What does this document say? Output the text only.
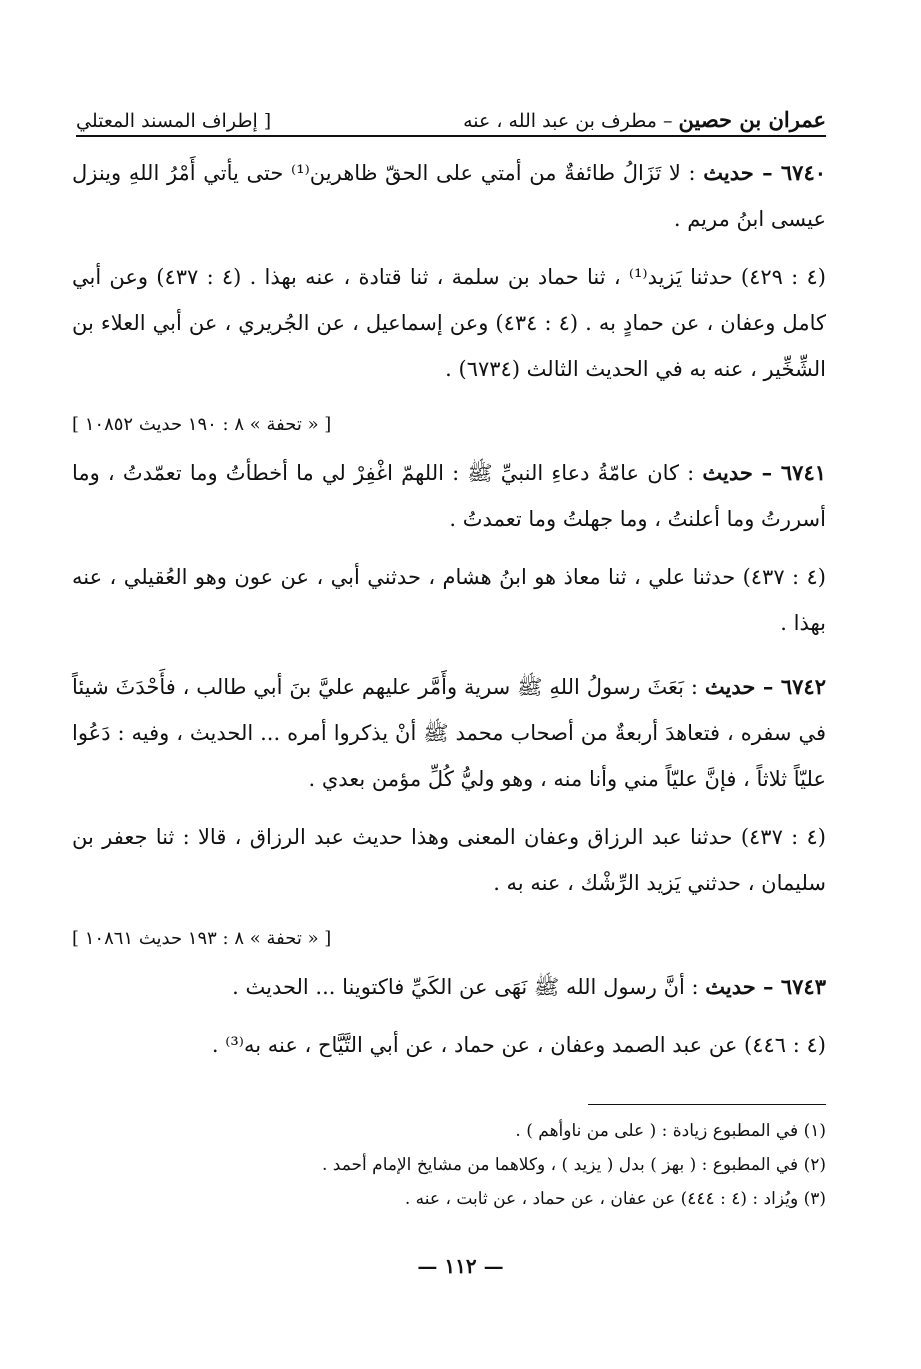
عمران بن حصين – مطرف بن عبد الله ، عنه
[ إطراف المسند المعتلي

٦٧٤٠ – حديث : لا تَزَالُ طائفةٌ من أمتي على الحقّ ظاهرين⁽¹⁾ حتى يأتي أَمْرُ اللهِ وينزل عيسى ابنُ مريم .

(٤ : ٤٢٩) حدثنا يَزيد⁽¹⁾ ، ثنا حماد بن سلمة ، ثنا قتادة ، عنه بهذا . (٤ : ٤٣٧) وعن أبي كامل وعفان ، عن حمادٍ به . (٤ : ٤٣٤) وعن إسماعيل ، عن الجُريري ، عن أبي العلاء بن الشِّخِّير ، عنه به في الحديث الثالث (٦٧٣٤) .

[ « تحفة » ٨ : ١٩٠ حديث ١٠٨٥٢ ]

٦٧٤١ – حديث : كان عامّةُ دعاءِ النبيِّ ﷺ : اللهمّ اغْفِرْ لي ما أخطأتُ وما تعمّدتُ ، وما أسررتُ وما أعلنتُ ، وما جهلتُ وما تعمدتُ .

(٤ : ٤٣٧) حدثنا علي ، ثنا معاذ هو ابنُ هشام ، حدثني أبي ، عن عون وهو العُقيلي ، عنه بهذا .

٦٧٤٢ – حديث : بَعَثَ رسولُ اللهِ ﷺ سرية وأَمَّر عليهم عليَّ بنَ أبي طالب ، فأَحْدَثَ شيئاً في سفره ، فتعاهدَ أربعةٌ من أصحاب محمد ﷺ أنْ يذكروا أمره ... الحديث ، وفيه : دَعُوا عليّاً ثلاثاً ، فإنَّ عليّاً مني وأنا منه ، وهو وليُّ كُلِّ مؤمن بعدي .

(٤ : ٤٣٧) حدثنا عبد الرزاق وعفان المعنى وهذا حديث عبد الرزاق ، قالا : ثنا جعفر بن سليمان ، حدثني يَزيد الرِّشْك ، عنه به .

[ « تحفة » ٨ : ١٩٣ حديث ١٠٨٦١ ]

٦٧٤٣ – حديث : أنَّ رسول الله ﷺ نَهَى عن الكَيِّ فاكتوينا ... الحديث .

(٤ : ٤٤٦) عن عبد الصمد وعفان ، عن حماد ، عن أبي التَّيَّاح ، عنه به⁽³⁾ .

(١) في المطبوع زيادة : ( على من ناوأهم ) .

(٢) في المطبوع : ( بهز ) بدل ( يزيد ) ، وكلاهما من مشايخ الإمام أحمد .

(٣) ويُزاد : (٤ : ٤٤٤) عن عفان ، عن حماد ، عن ثابت ، عنه .

— ١١٢ —
